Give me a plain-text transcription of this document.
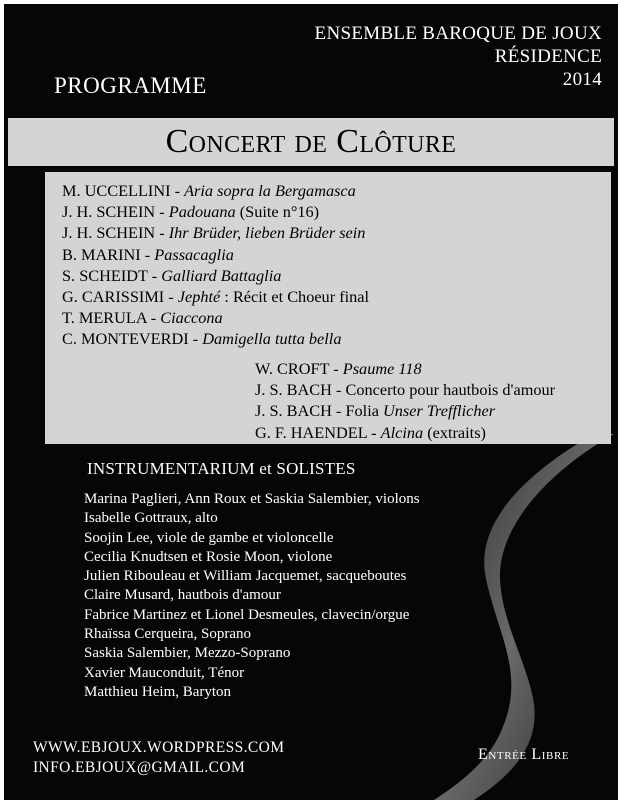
ENSEMBLE BAROQUE DE JOUX
RÉSIDENCE
2014
PROGRAMME
Concert de Clôture
M. UCCELLINI - Aria sopra la Bergamasca
J. H. SCHEIN - Padouana (Suite n°16)
J. H. SCHEIN - Ihr Brüder, lieben Brüder sein
B. MARINI - Passacaglia
S. SCHEIDT - Galliard Battaglia
G. CARISSIMI - Jephté : Récit et Choeur final
T. MERULA - Ciaccona
C. MONTEVERDI - Damigella tutta bella
W. CROFT - Psaume 118
J. S. BACH - Concerto pour hautbois d'amour
J. S. BACH - Folia Unser Trefflicher
G. F. HAENDEL - Alcina (extraits)
INSTRUMENTARIUM et SOLISTES
Marina Paglieri, Ann Roux et Saskia Salembier, violons
Isabelle Gottraux, alto
Soojin Lee, viole de gambe et violoncelle
Cecilia Knudtsen et Rosie Moon, violone
Julien Ribouleau et William Jacquemet, sacqueboutes
Claire Musard, hautbois d'amour
Fabrice Martinez et Lionel Desmeules, clavecin/orgue
Rhaïssa Cerqueira, Soprano
Saskia Salembier, Mezzo-Soprano
Xavier Mauconduit, Ténor
Matthieu Heim, Baryton
WWW.EBJOUX.WORDPRESS.COM
INFO.EBJOUX@GMAIL.COM
Entrée Libre
